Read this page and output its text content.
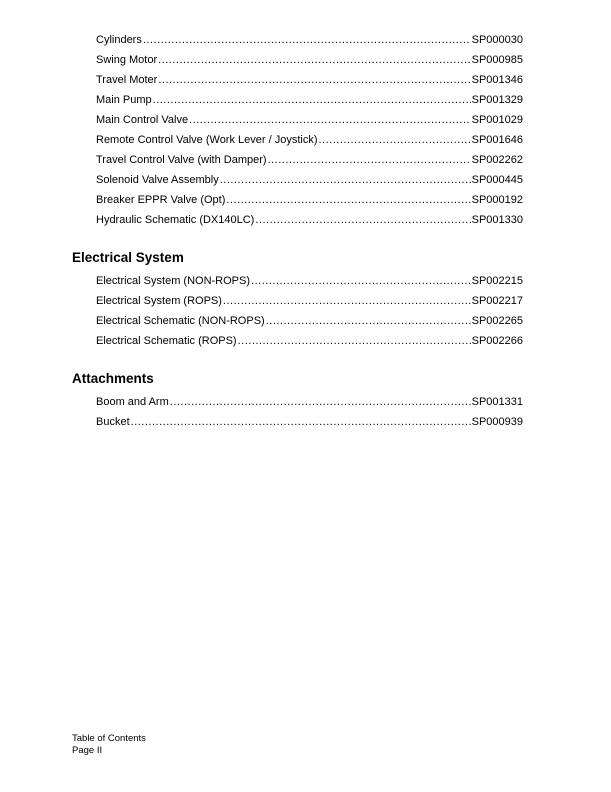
Cylinders .....	SP000030
Swing Motor .....	SP000985
Travel Moter .....	SP001346
Main Pump .....	SP001329
Main Control Valve .....	SP001029
Remote Control Valve (Work Lever / Joystick) .....	SP001646
Travel Control Valve (with Damper) .....	SP002262
Solenoid Valve Assembly .....	SP000445
Breaker EPPR Valve (Opt) .....	SP000192
Hydraulic Schematic (DX140LC) .....	SP001330
Electrical System
Electrical System (NON-ROPS) .....	SP002215
Electrical System (ROPS) .....	SP002217
Electrical Schematic (NON-ROPS) .....	SP002265
Electrical Schematic (ROPS) .....	SP002266
Attachments
Boom and Arm .....	SP001331
Bucket .....	SP000939
Table of Contents
Page II
